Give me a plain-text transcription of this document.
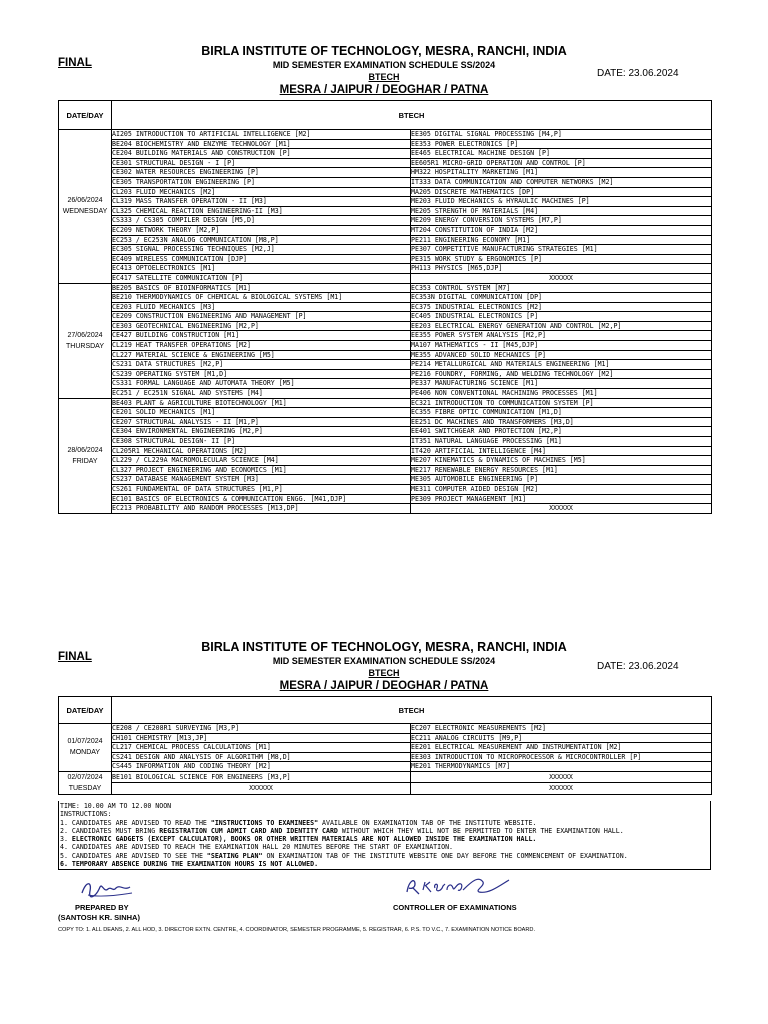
BIRLA INSTITUTE OF TECHNOLOGY, MESRA, RANCHI, INDIA
FINAL	MID SEMESTER EXAMINATION SCHEDULE SS/2024
DATE: 23.06.2024
BTECH
MESRA / JAIPUR / DEOGHAR / PATNA
DATE/DAY	BTECH	

26/06/2024
WEDNESDAY	AI205 INTRODUCTION TO ARTIFICIAL INTELLIGENCE [M2]	EE305 DIGITAL SIGNAL PROCESSING [M4,P]
	BE204 BIOCHEMISTRY AND ENZYME TECHNOLOGY [M1]	EE353 POWER ELECTRONICS [P]
	CE204 BUILDING MATERIALS AND CONSTRUCTION [P]	EE465 ELECTRICAL MACHINE DESIGN [P]
	CE301 STRUCTURAL DESIGN - I [P]	EE605R1 MICRO-GRID OPERATION AND CONTROL [P]
	CE302 WATER RESOURCES ENGINEERING [P]	HM322 HOSPITALITY MARKETING [M1]
	CE305 TRANSPORTATION ENGINEERING [P]	IT333 DATA COMMUNICATION AND COMPUTER NETWORKS [M2]
	CL203 FLUID MECHANICS [M2]	MA205 DISCRETE MATHEMATICS [DP]
	CL319 MASS TRANSFER OPERATION - II [M3]	ME203 FLUID MECHANICS & HYRAULIC MACHINES [P]
	CL325 CHEMICAL REACTION ENGINEERING-II [M3]	ME205 STRENGTH OF MATERIALS [M4]
	CS333 / CS305 COMPILER DESIGN [M5,D]	ME209 ENERGY CONVERSION SYSTEMS [M7,P]
	EC209 NETWORK THEORY [M2,P]	MT204 CONSTITUTION OF INDIA [M2]
	EC253 / EC253N ANALOG COMMUNICATION [M8,P]	PE211 ENGINEERING ECONOMY [M1]
	EC305 SIGNAL PROCESSING TECHNIQUES [M2,J]	PE307 COMPETITIVE MANUFACTURING STRATEGIES [M1]
	EC409 WIRELESS COMMUNICATION [DJP]	PE315 WORK STUDY & ERGONOMICS [P]
	EC413 OPTOELECTRONICS [M1]	PH113 PHYSICS [M65,DJP]
	EC417 SATELLITE COMMUNICATION [P]	XXXXXX

27/06/2024
THURSDAY	BE205 BASICS OF BIOINFORMATICS [M1]	EC353 CONTROL SYSTEM [M7]
	BE210 THERMODYNAMICS OF CHEMICAL & BIOLOGICAL SYSTEMS [M1]	EC353N DIGITAL COMMUNICATION [DP]
	CE203 FLUID MECHANICS [M3]	EC375 INDUSTRIAL ELECTRONICS [M2]
	CE209 CONSTRUCTION ENGINEERING AND MANAGEMENT [P]	EC405 INDUSTRIAL ELECTRONICS [P]
	CE303 GEOTECHNICAL ENGINEERING [M2,P]	EE203 ELECTRICAL ENERGY GENERATION AND CONTROL [M2,P]
	CE427 BUILDING CONSTRUCTION [M1]	EE355 POWER SYSTEM ANALYSIS [M2,P]
	CL219 HEAT TRANSFER OPERATIONS [M2]	MA107 MATHEMATICS - II [M45,DJP]
	CL227 MATERIAL SCIENCE & ENGINEERING [M5]	ME355 ADVANCED SOLID MECHANICS [P]
	CS231 DATA STRUCTURES [M2,P]	PE214 METALLURGICAL AND MATERIALS ENGINEERING [M1]
	CS239 OPERATING SYSTEM [M1,D]	PE216 FOUNDRY, FORMING, AND WELDING TECHNOLOGY [M2]
	CS331 FORMAL LANGUAGE AND AUTOMATA THEORY [M5]	PE337 MANUFACTURING SCIENCE [M1]
	EC251 / EC251N SIGNAL AND SYSTEMS [M4]	PE406 NON CONVENTIONAL MACHINING PROCESSES [M1]

28/06/2024
FRIDAY	BE403 PLANT & AGRICULTURE BIOTECHNOLOGY [M1]	EC321 INTRODUCTION TO COMMUNICATION SYSTEM [P]
	CE201 SOLID MECHANICS [M1]	EC355 FIBRE OPTIC COMMUNICATION [M1,D]
	CE207 STRUCTURAL ANALYSIS - II [M1,P]	EE251 DC MACHINES AND TRANSFORMERS [M3,D]
	CE304 ENVIRONMENTAL ENGINEERING [M2,P]	EE401 SWITCHGEAR AND PROTECTION [M2,P]
	CE308 STRUCTURAL DESIGN- II [P]	IT351 NATURAL LANGUAGE PROCESSING [M1]
	CL205R1 MECHANICAL OPERATIONS [M2]	IT420 ARTIFICIAL INTELLIGENCE [M4]
	CL229 / CL229A MACROMOLECULAR SCIENCE [M4]	ME207 KINEMATICS & DYNAMICS OF MACHINES [M5]
	CL327 PROJECT ENGINEERING AND ECONOMICS [M1]	ME217 RENEWABLE ENERGY RESOURCES [M1]
	CS237 DATABASE MANAGEMENT SYSTEM [M3]	ME305 AUTOMOBILE ENGINEERING [P]
	CS261 FUNDAMENTAL OF DATA STRUCTURES [M1,P]	ME311 COMPUTER AIDED DESIGN [M2]
	EC101 BASICS OF ELECTRONICS & COMMUNICATION ENGG. [M41,DJP]	PE309 PROJECT MANAGEMENT [M1]
	EC213 PROBABILITY AND RANDOM PROCESSES [M13,DP]	XXXXXX
BIRLA INSTITUTE OF TECHNOLOGY, MESRA, RANCHI, INDIA
FINAL	MID SEMESTER EXAMINATION SCHEDULE SS/2024	DATE: 23.06.2024
BTECH
MESRA / JAIPUR / DEOGHAR / PATNA
DATE/DAY	BTECH	

01/07/2024
MONDAY	CE208 / CE208R1 SURVEYING [M3,P]	EC207 ELECTRONIC MEASUREMENTS [M2]
	CH101 CHEMISTRY [M13,JP]	EC211 ANALOG CIRCUITS [M9,P]
	CL217 CHEMICAL PROCESS CALCULATIONS [M1]	EE201 ELECTRICAL MEASUREMENT AND INSTRUMENTATION [M2]
	CS241 DESIGN AND ANALYSIS OF ALGORITHM [M8,D]	EE303 INTRODUCTION TO MICROPROCESSOR & MICROCONTROLLER [P]
	CS445 INFORMATION AND CODING THEORY [M2]	ME201 THERMODYNAMICS [M7]

02/07/2024
TUESDAY	BE101 BIOLOGICAL SCIENCE FOR ENGINEERS [M3,P]	XXXXXX
	XXXXXX	XXXXXX
TIME: 10.00 AM TO 12.00 NOON
INSTRUCTIONS:
1. CANDIDATES ARE ADVISED TO READ THE "INSTRUCTIONS TO EXAMINEES" AVAILABLE ON EXAMINATION TAB OF THE INSTITUTE WEBSITE.
2. CANDIDATES MUST BRING REGISTRATION CUM ADMIT CARD AND IDENTITY CARD WITHOUT WHICH THEY WILL NOT BE PERMITTED TO ENTER THE EXAMINATION HALL.
3. ELECTRONIC GADGETS (EXCEPT CALCULATOR), BOOKS OR OTHER WRITTEN MATERIALS ARE NOT ALLOWED INSIDE THE EXAMINATION HALL.
4. CANDIDATES ARE ADVISED TO REACH THE EXAMINATION HALL 20 MINUTES BEFORE THE START OF EXAMINATION.
5. CANDIDATES ARE ADVISED TO SEE THE "SEATING PLAN" ON EXAMINATION TAB OF THE INSTITUTE WEBSITE ONE DAY BEFORE THE COMMENCEMENT OF EXAMINATION.
6. TEMPORARY ABSENCE DURING THE EXAMINATION HOURS IS NOT ALLOWED.
PREPARED BY
(SANTOSH KR. SINHA)
CONTROLLER OF EXAMINATIONS
COPY TO: 1. ALL DEANS, 2. ALL HOD, 3. DIRECTOR EXTN. CENTRE, 4. COORDINATOR, SEMESTER PROGRAMME, 5. REGISTRAR, 6. P.S. TO V.C., 7. EXAMINATION NOTICE BOARD.
